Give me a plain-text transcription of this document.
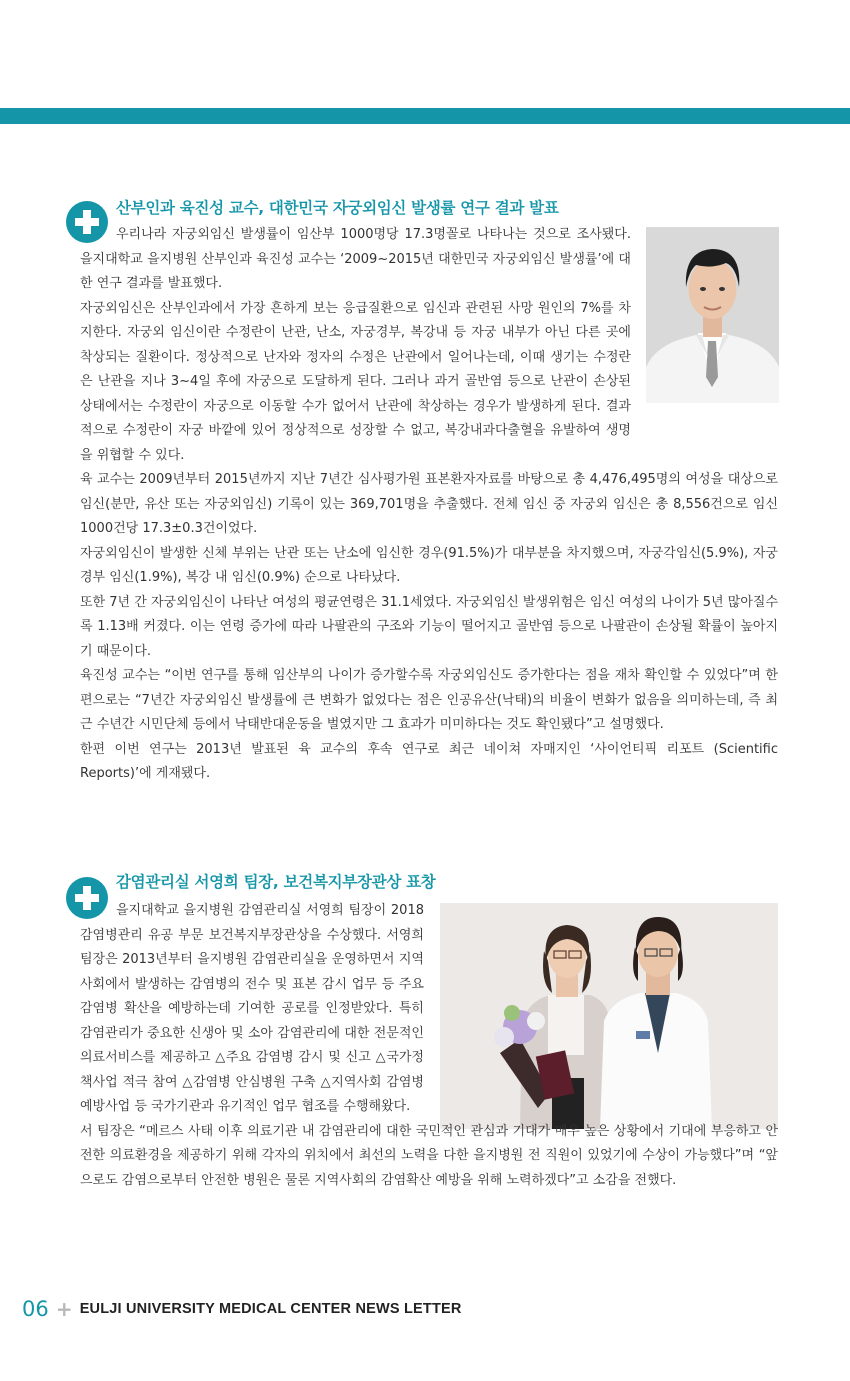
산부인과 육진성 교수, 대한민국 자궁외임신 발생률 연구 결과 발표

우리나라 자궁외임신 발생률이 임산부 1000명당 17.3명꼴로 나타나는 것으로 조사됐다. 을지대학교 을지병원 산부인과 육진성 교수는 ‘2009~2015년 대한민국 자궁외임신 발생률’에 대한 연구 결과를 발표했다.

자궁외임신은 산부인과에서 가장 흔하게 보는 응급질환으로 임신과 관련된 사망 원인의 7%를 차지한다. 자궁외 임신이란 수정란이 난관, 난소, 자궁경부, 복강내 등 자궁 내부가 아닌 다른 곳에 착상되는 질환이다. 정상적으로 난자와 정자의 수정은 난관에서 일어나는데, 이때 생기는 수정란은 난관을 지나 3~4일 후에 자궁으로 도달하게 된다. 그러나 과거 골반염 등으로 난관이 손상된 상태에서는 수정란이 자궁으로 이동할 수가 없어서 난관에 착상하는 경우가 발생하게 된다. 결과적으로 수정란이 자궁 바깥에 있어 정상적으로 성장할 수 없고, 복강내과다출혈을 유발하여 생명을 위협할 수 있다.

육 교수는 2009년부터 2015년까지 지난 7년간 심사평가원 표본환자자료를 바탕으로 총 4,476,495명의 여성을 대상으로 임신(분만, 유산 또는 자궁외임신) 기록이 있는 369,701명을 추출했다. 전체 임신 중 자궁외 임신은 총 8,556건으로 임신 1000건당 17.3±0.3건이었다.

자궁외임신이 발생한 신체 부위는 난관 또는 난소에 임신한 경우(91.5%)가 대부분을 차지했으며, 자궁각임신(5.9%), 자궁 경부 임신(1.9%), 복강 내 임신(0.9%) 순으로 나타났다.

또한 7년 간 자궁외임신이 나타난 여성의 평균연령은 31.1세였다. 자궁외임신 발생위험은 임신 여성의 나이가 5년 많아질수록 1.13배 커졌다. 이는 연령 증가에 따라 나팔관의 구조와 기능이 떨어지고 골반염 등으로 나팔관이 손상될 확률이 높아지기 때문이다.

육진성 교수는 “이번 연구를 통해 임산부의 나이가 증가할수록 자궁외임신도 증가한다는 점을 재차 확인할 수 있었다”며 한편으로는 “7년간 자궁외임신 발생률에 큰 변화가 없었다는 점은 인공유산(낙태)의 비율이 변화가 없음을 의미하는데, 즉 최근 수년간 시민단체 등에서 낙태반대운동을 벌였지만 그 효과가 미미하다는 것도 확인됐다”고 설명했다.

한편 이번 연구는 2013년 발표된 육 교수의 후속 연구로 최근 네이쳐 자매지인 ‘사이언티픽 리포트 (Scientific Reports)’에 게재됐다.

감염관리실 서영희 팀장, 보건복지부장관상 표창

을지대학교 을지병원 감염관리실 서영희 팀장이 2018 감염병관리 유공 부문 보건복지부장관상을 수상했다. 서영희 팀장은 2013년부터 을지병원 감염관리실을 운영하면서 지역사회에서 발생하는 감염병의 전수 및 표본 감시 업무 등 주요 감염병 확산을 예방하는데 기여한 공로를 인정받았다. 특히 감염관리가 중요한 신생아 및 소아 감염관리에 대한 전문적인 의료서비스를 제공하고 △주요 감염병 감시 및 신고 △국가정책사업 적극 참여 △감염병 안심병원 구축 △지역사회 감염병 예방사업 등 국가기관과 유기적인 업무 협조를 수행해왔다.

서 팀장은 “메르스 사태 이후 의료기관 내 감염관리에 대한 국민적인 관심과 기대가 매우 높은 상황에서 기대에 부응하고 안전한 의료환경을 제공하기 위해 각자의 위치에서 최선의 노력을 다한 을지병원 전 직원이 있었기에 수상이 가능했다”며 “앞으로도 감염으로부터 안전한 병원은 물론 지역사회의 감염확산 예방을 위해 노력하겠다”고 소감을 전했다.

06 + EULJI UNIVERSITY MEDICAL CENTER NEWS LETTER
